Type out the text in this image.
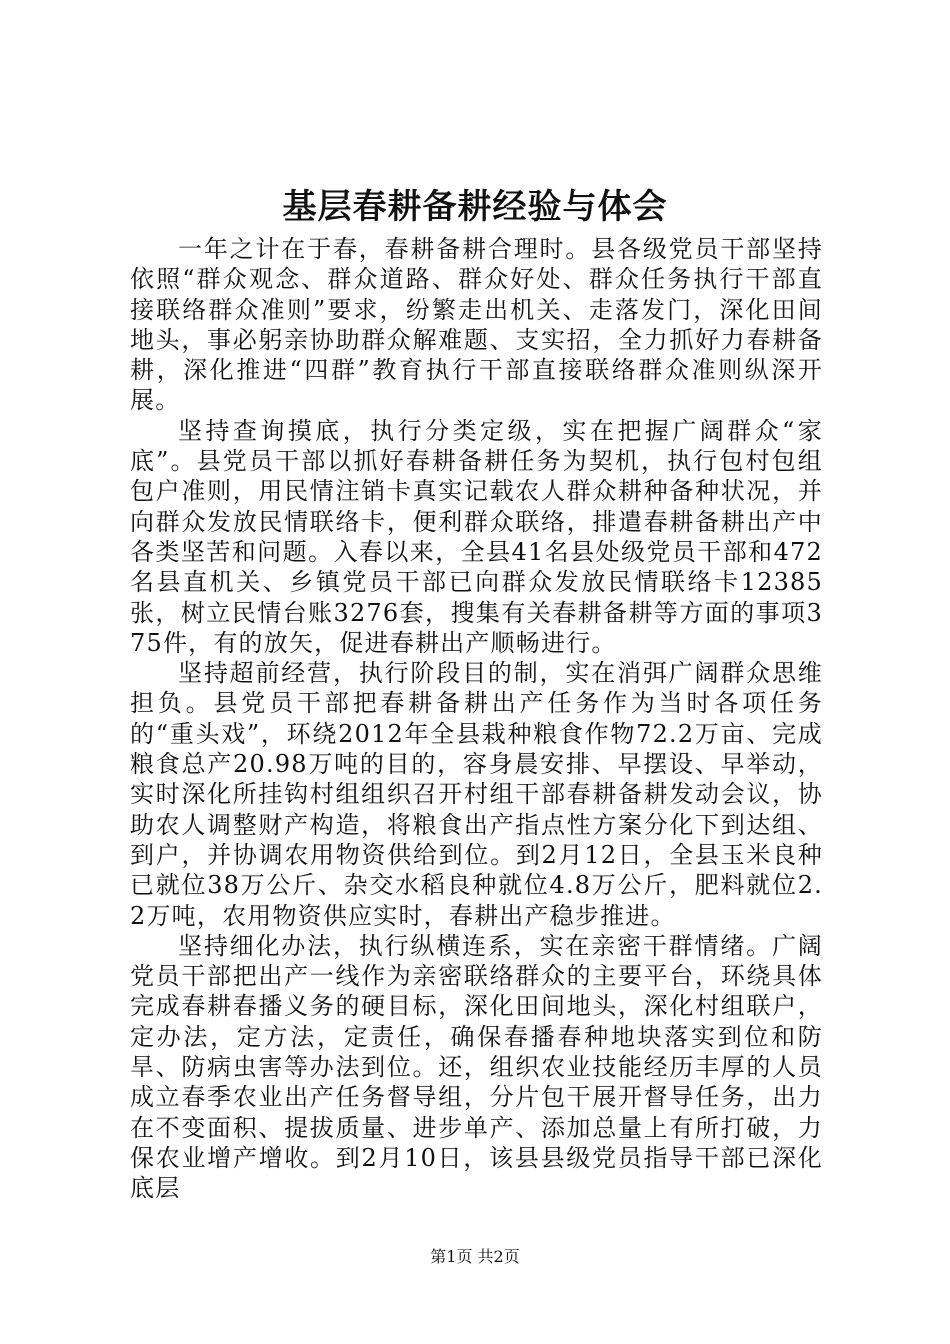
基层春耕备耕经验与体会

一年之计在于春，春耕备耕合理时。县各级党员干部坚持依照“群众观念、群众道路、群众好处、群众任务执行干部直接联络群众准则”要求，纷繁走出机关、走落发门，深化田间地头，事必躬亲协助群众解难题、支实招，全力抓好力春耕备耕，深化推进“四群”教育执行干部直接联络群众准则纵深开展。

坚持查询摸底，执行分类定级，实在把握广阔群众“家底”。县党员干部以抓好春耕备耕任务为契机，执行包村包组包户准则，用民情注销卡真实记载农人群众耕种备种状况，并向群众发放民情联络卡，便利群众联络，排遣春耕备耕出产中各类坚苦和问题。入春以来，全县41名县处级党员干部和472名县直机关、乡镇党员干部已向群众发放民情联络卡12385张，树立民情台账3276套，搜集有关春耕备耕等方面的事项375件，有的放矢，促进春耕出产顺畅进行。

坚持超前经营，执行阶段目的制，实在消弭广阔群众思维担负。县党员干部把春耕备耕出产任务作为当时各项任务的“重头戏”，环绕2012年全县栽种粮食作物72.2万亩、完成粮食总产20.98万吨的目的，容身晨安排、早摆设、早举动，实时深化所挂钩村组组织召开村组干部春耕备耕发动会议，协助农人调整财产构造，将粮食出产指点性方案分化下到达组、到户，并协调农用物资供给到位。到2月12日，全县玉米良种已就位38万公斤、杂交水稻良种就位4.8万公斤，肥料就位2.2万吨，农用物资供应实时，春耕出产稳步推进。

坚持细化办法，执行纵横连系，实在亲密干群情绪。广阔党员干部把出产一线作为亲密联络群众的主要平台，环绕具体完成春耕春播义务的硬目标，深化田间地头，深化村组联户，定办法，定方法，定责任，确保春播春种地块落实到位和防旱、防病虫害等办法到位。还，组织农业技能经历丰厚的人员成立春季农业出产任务督导组，分片包干展开督导任务，出力在不变面积、提拔质量、进步单产、添加总量上有所打破，力保农业增产增收。到2月10日，该县县级党员指导干部已深化底层

第1页 共2页
